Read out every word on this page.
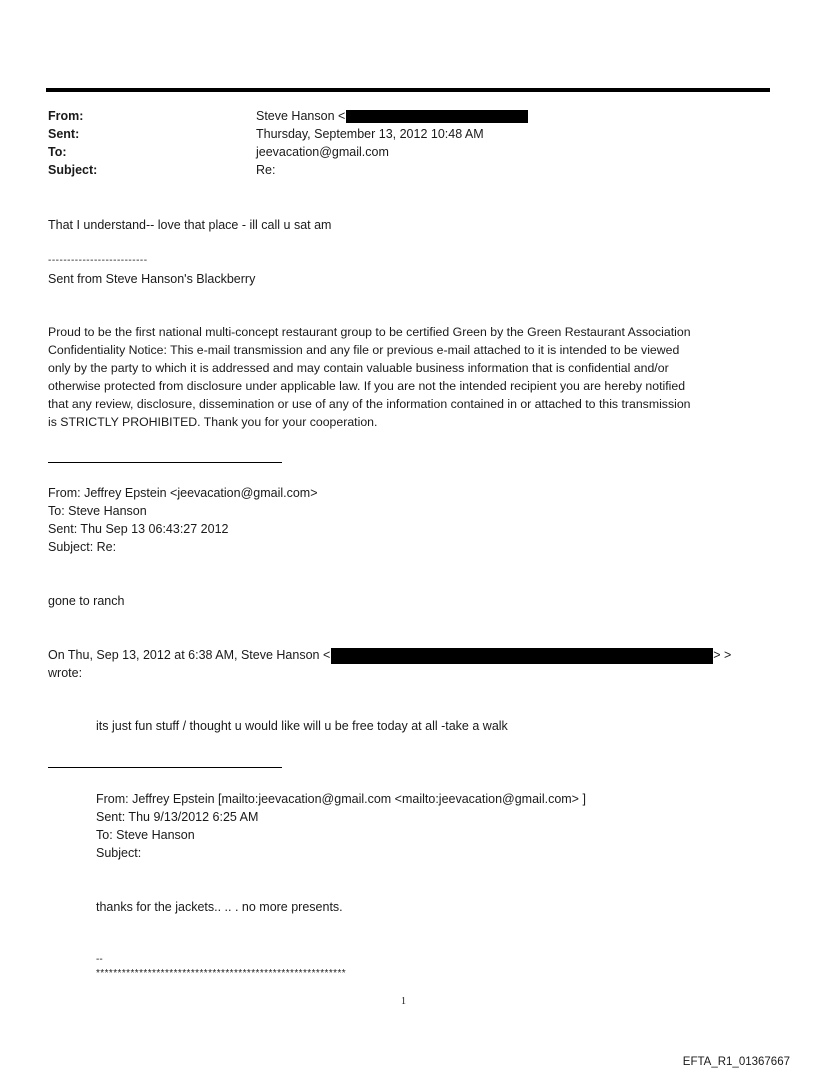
From:	Steve Hanson <
Sent:	Thursday, September 13, 2012 10:48 AM
To:	jeevacation@gmail.com
Subject:	Re:
That I understand-- love that place - ill call u sat am
--------------------------
Sent from Steve Hanson's Blackberry
Proud to be the first national multi-concept restaurant group to be certified Green by the Green Restaurant Association
Confidentiality Notice: This e-mail transmission and any file or previous e-mail attached to it is intended to be viewed
only by the party to which it is addressed and may contain valuable business information that is confidential and/or
otherwise protected from disclosure under applicable law. If you are not the intended recipient you are hereby notified
that any review, disclosure, dissemination or use of any of the information contained in or attached to this transmission
is STRICTLY PROHIBITED. Thank you for your cooperation.
From: Jeffrey Epstein <jeevacation@gmail.com>
To: Steve Hanson
Sent: Thu Sep 13 06:43:27 2012
Subject: Re:
gone to ranch
On Thu, Sep 13, 2012 at 6:38 AM, Steve Hanson <	> >
wrote:
its just fun stuff / thought u would like will u be free today at all -take a walk
From: Jeffrey Epstein [mailto:jeevacation@gmail.com <mailto:jeevacation@gmail.com> ]
Sent: Thu 9/13/2012 6:25 AM
To: Steve Hanson
Subject:
thanks for the jackets.. .. . no more presents.
--
**********************************************************
1
EFTA_R1_01367667
